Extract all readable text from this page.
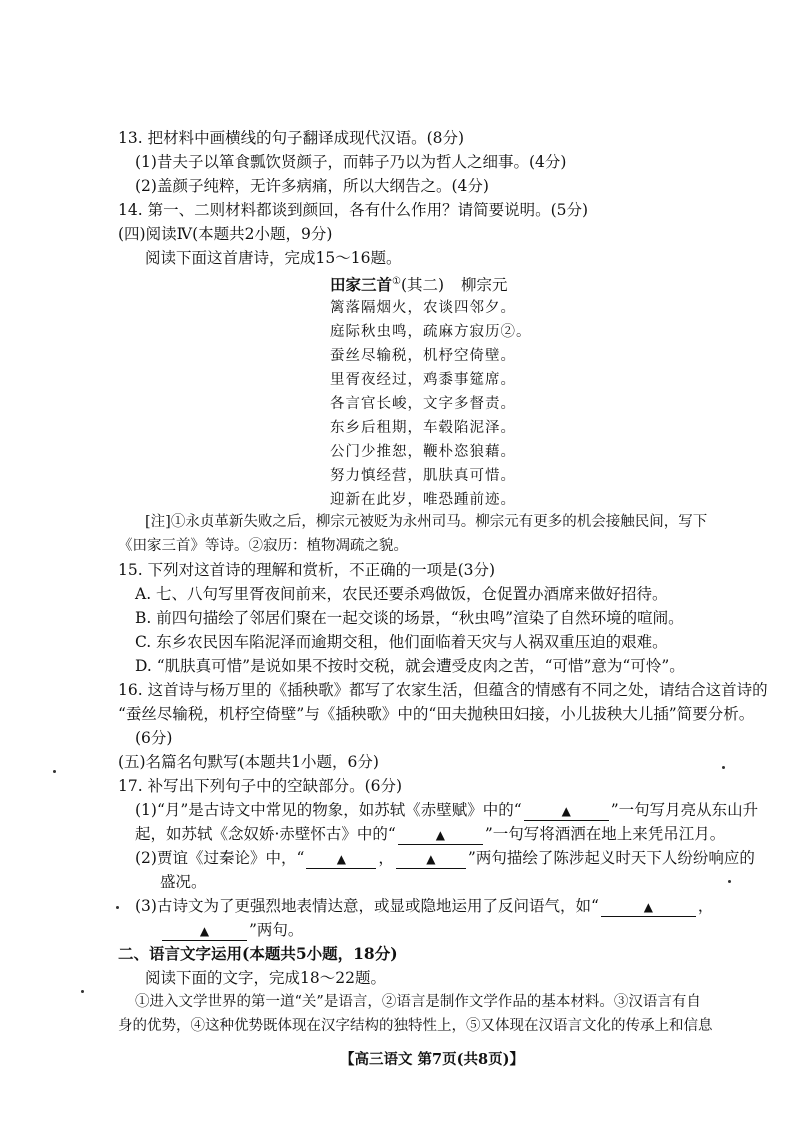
13. 把材料中画横线的句子翻译成现代汉语。(8分)
(1)昔夫子以箪食瓢饮贤颜子，而韩子乃以为哲人之细事。(4分)
(2)盖颜子纯粹，无许多病痛，所以大纲告之。(4分)
14. 第一、二则材料都谈到颜回，各有什么作用？请简要说明。(5分)
(四)阅读Ⅳ(本题共2小题，9分)
阅读下面这首唐诗，完成15～16题。
田家三首①(其二) 柳宗元
篱落隔烟火，农谈四邻夕。
庭际秋虫鸣，疏麻方寂历②。
蚕丝尽输税，机杼空倚壁。
里胥夜经过，鸡黍事筵席。
各言官长峻，文字多督责。
东乡后租期，车毂陷泥泽。
公门少推恕，鞭朴恣狼藉。
努力慎经营，肌肤真可惜。
迎新在此岁，唯恐踵前迹。
[注]①永贞革新失败之后，柳宗元被贬为永州司马。柳宗元有更多的机会接触民间，写下
《田家三首》等诗。②寂历：植物凋疏之貌。
15. 下列对这首诗的理解和赏析，不正确的一项是(3分)
A. 七、八句写里胥夜间前来，农民还要杀鸡做饭，仓促置办酒席来做好招待。
B. 前四句描绘了邻居们聚在一起交谈的场景，“秋虫鸣”渲染了自然环境的喧闹。
C. 东乡农民因车陷泥泽而逾期交租，他们面临着天灾与人祸双重压迫的艰难。
D. “肌肤真可惜”是说如果不按时交税，就会遭受皮肉之苦，“可惜”意为“可怜”。
16. 这首诗与杨万里的《插秧歌》都写了农家生活，但蕴含的情感有不同之处，请结合这首诗的
“蚕丝尽输税，机杼空倚壁”与《插秧歌》中的“田夫抛秧田妇接，小儿拔秧大儿插”简要分析。
(6分)
(五)名篇名句默写(本题共1小题，6分)
17. 补写出下列句子中的空缺部分。(6分)
(1)“月”是古诗文中常见的物象，如苏轼《赤壁赋》中的“	▲	”一句写月亮从东山升
起，如苏轼《念奴娇·赤壁怀古》中的“	▲	”一句写将酒洒在地上来凭吊江月。
(2)贾谊《过秦论》中，“	▲ ，	▲ ”两句描绘了陈涉起义时天下人纷纷响应的
盛况。
(3)古诗文为了更强烈地表情达意，或显或隐地运用了反问语气，如“	▲	，
▲	”两句。
二、语言文字运用(本题共5小题，18分)
阅读下面的文字，完成18～22题。
①进入文学世界的第一道“关”是语言，②语言是制作文学作品的基本材料。③汉语言有自
身的优势，④这种优势既体现在汉字结构的独特性上，⑤又体现在汉语言文化的传承上和信息
【高三语文 第7页(共8页)】
